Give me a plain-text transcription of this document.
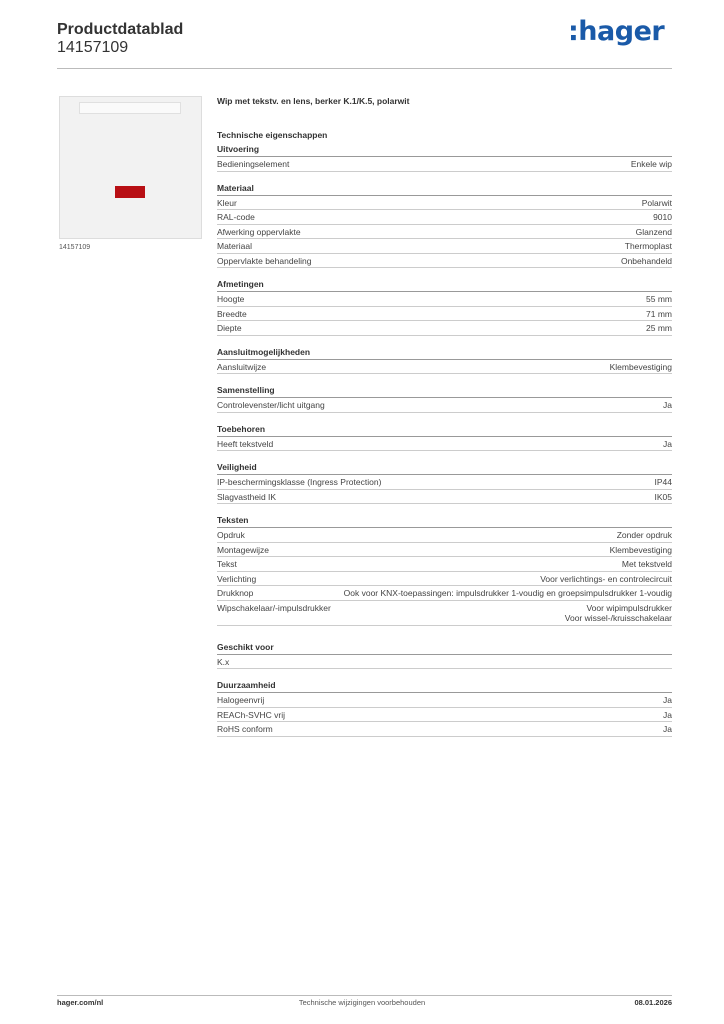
Productdatablad
14157109
:hager
14157109
Wip met tekstv. en lens, berker K.1/K.5, polarwit
Technische eigenschappen
Uitvoering
Bedieningselement	Enkele wip
Materiaal
Kleur	Polarwit
RAL-code	9010
Afwerking oppervlakte	Glanzend
Materiaal	Thermoplast
Oppervlakte behandeling	Onbehandeld
Afmetingen
Hoogte	55 mm
Breedte	71 mm
Diepte	25 mm
Aansluitmogelijkheden
Aansluitwijze	Klembevestiging
Samenstelling
Controlevenster/licht uitgang	Ja
Toebehoren
Heeft tekstveld	Ja
Veiligheid
IP-beschermingsklasse (Ingress Protection)	IP44
Slagvastheid IK	IK05
Teksten
Opdruk	Zonder opdruk
Montagewijze	Klembevestiging
Tekst	Met tekstveld
Verlichting	Voor verlichtings- en controlecircuit
Drukknop	Ook voor KNX-toepassingen: impulsdrukker 1-voudig en groepsimpulsdrukker 1-voudig
Wipschakelaar/-impulsdrukker	Voor wipimpulsdrukker
Voor wissel-/kruisschakelaar
Geschikt voor
K.x
Duurzaamheid
Halogeenvrij	Ja
REACh-SVHC vrij	Ja
RoHS conform	Ja
hager.com/nl	Technische wijzigingen voorbehouden	08.01.2026
